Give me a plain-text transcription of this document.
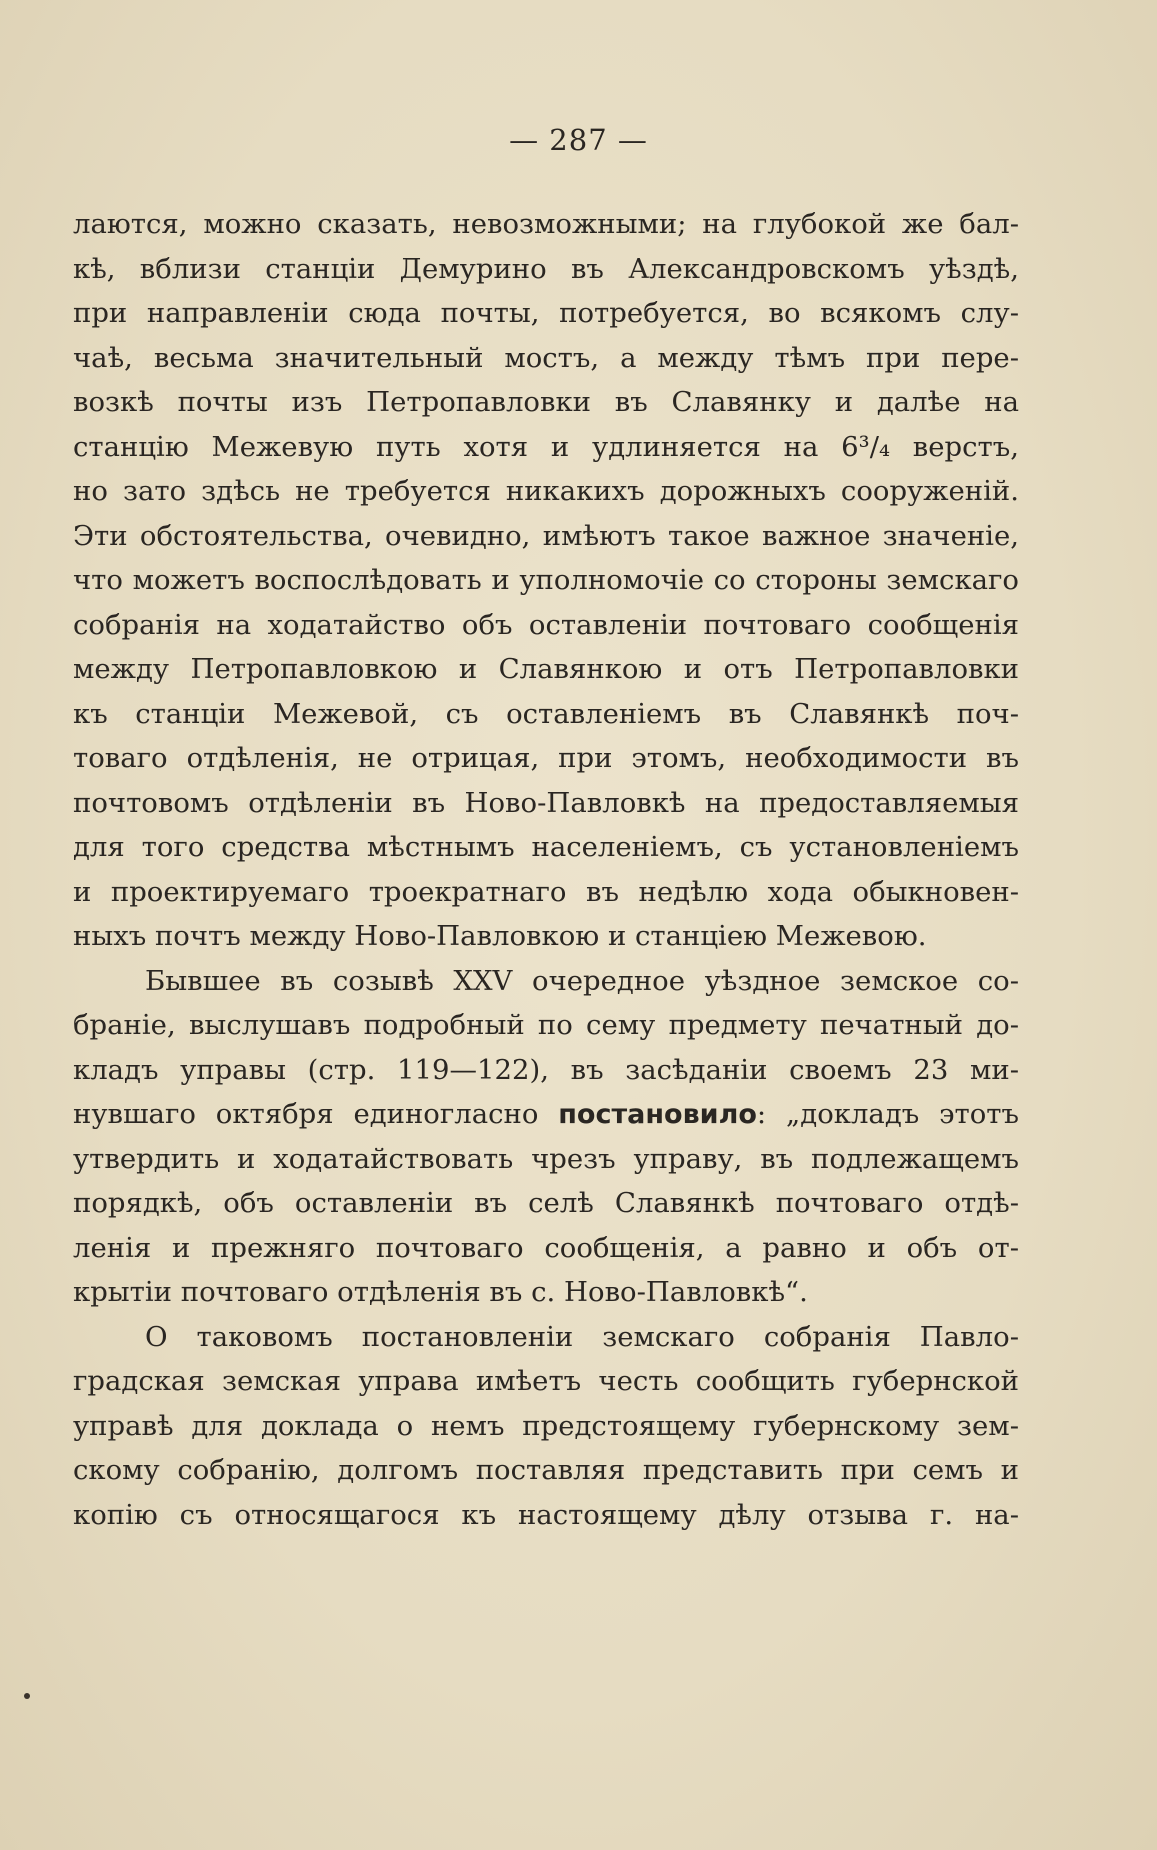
— 287 —
лаются, можно сказать, невозможными; на глубокой же бал-
кѣ, вблизи станціи Демурино въ Александровскомъ уѣздѣ,
при направленіи сюда почты, потребуется, во всякомъ слу-
чаѣ, весьма значительный мостъ, а между тѣмъ при пере-
возкѣ почты изъ Петропавловки въ Славянку и далѣе на
станцію Межевую путь хотя и удлиняется на 6³/₄ верстъ,
но зато здѣсь не требуется никакихъ дорожныхъ сооруженій.
Эти обстоятельства, очевидно, имѣютъ такое важное значеніе,
что можетъ воспослѣдовать и уполномочіе со стороны земскаго
собранія на ходатайство объ оставленіи почтоваго сообщенія
между Петропавловкою и Славянкою и отъ Петропавловки
къ станціи Межевой, съ оставленіемъ въ Славянкѣ поч-
товаго отдѣленія, не отрицая, при этомъ, необходимости въ
почтовомъ отдѣленіи въ Ново-Павловкѣ на предоставляемыя
для того средства мѣстнымъ населеніемъ, съ установленіемъ
и проектируемаго троекратнаго въ недѣлю хода обыкновен-
ныхъ почтъ между Ново-Павловкою и станціею Межевою.
Бывшее въ созывѣ XXV очередное уѣздное земское со-
браніе, выслушавъ подробный по сему предмету печатный до-
кладъ управы (стр. 119—122), въ засѣданіи своемъ 23 ми-
нувшаго октября единогласно постановило: „докладъ этотъ
утвердить и ходатайствовать чрезъ управу, въ подлежащемъ
порядкѣ, объ оставленіи въ селѣ Славянкѣ почтоваго отдѣ-
ленія и прежняго почтоваго сообщенія, а равно и объ от-
крытіи почтоваго отдѣленія въ с. Ново-Павловкѣ“.
О таковомъ постановленіи земскаго собранія Павло-
градская земская управа имѣетъ честь сообщить губернской
управѣ для доклада о немъ предстоящему губернскому зем-
скому собранію, долгомъ поставляя представить при семъ и
копію съ относящагося къ настоящему дѣлу отзыва г. на-
